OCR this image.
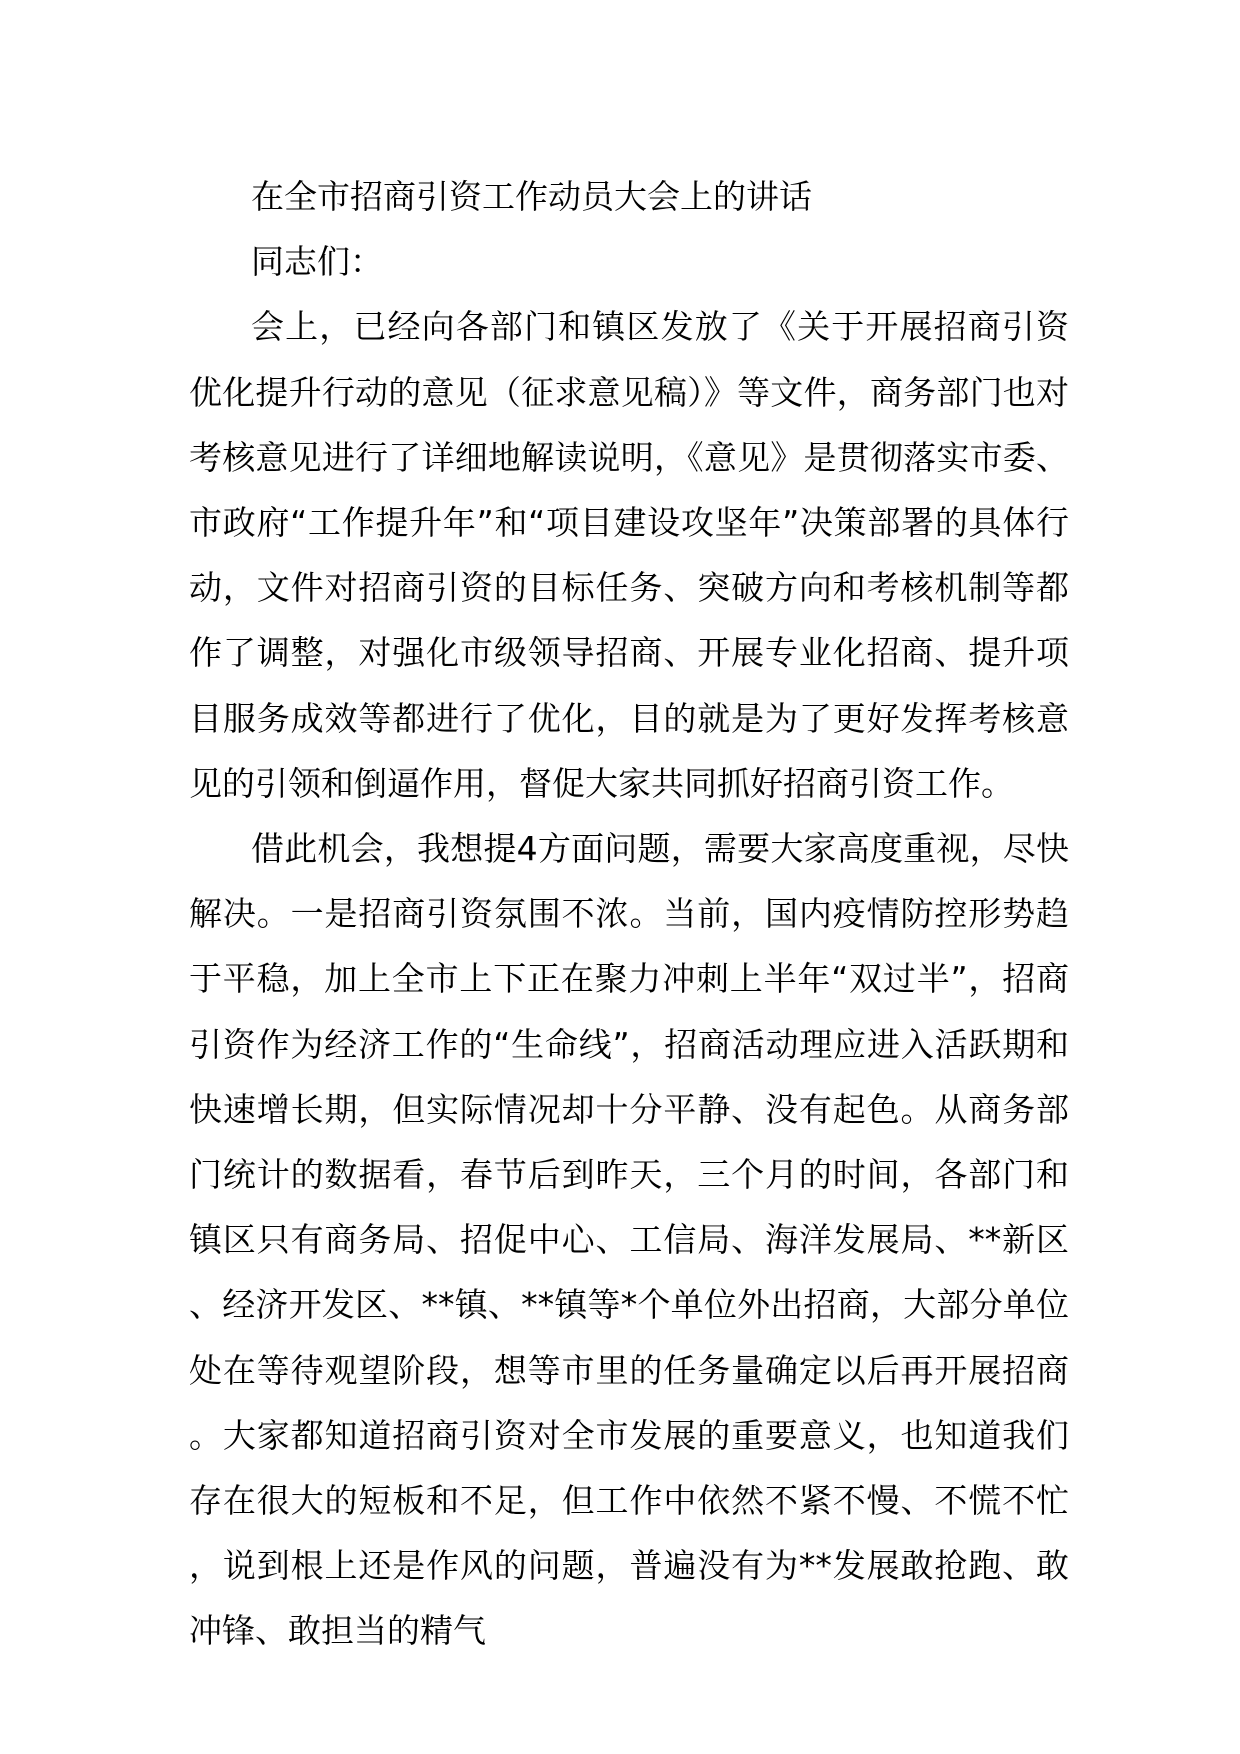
在全市招商引资工作动员大会上的讲话

同志们：

会上，已经向各部门和镇区发放了《关于开展招商引资优化提升行动的意见（征求意见稿）》等文件，商务部门也对考核意见进行了详细地解读说明，《意见》是贯彻落实市委、市政府“工作提升年”和“项目建设攻坚年”决策部署的具体行动，文件对招商引资的目标任务、突破方向和考核机制等都作了调整，对强化市级领导招商、开展专业化招商、提升项目服务成效等都进行了优化，目的就是为了更好发挥考核意见的引领和倒逼作用，督促大家共同抓好招商引资工作。

借此机会，我想提4方面问题，需要大家高度重视，尽快解决。一是招商引资氛围不浓。当前，国内疫情防控形势趋于平稳，加上全市上下正在聚力冲刺上半年“双过半”，招商引资作为经济工作的“生命线”，招商活动理应进入活跃期和快速增长期，但实际情况却十分平静、没有起色。从商务部门统计的数据看，春节后到昨天，三个月的时间，各部门和镇区只有商务局、招促中心、工信局、海洋发展局、**新区、经济开发区、**镇、**镇等*个单位外出招商，大部分单位处在等待观望阶段，想等市里的任务量确定以后再开展招商。大家都知道招商引资对全市发展的重要意义，也知道我们存在很大的短板和不足，但工作中依然不紧不慢、不慌不忙，说到根上还是作风的问题，普遍没有为**发展敢抢跑、敢冲锋、敢担当的精气
